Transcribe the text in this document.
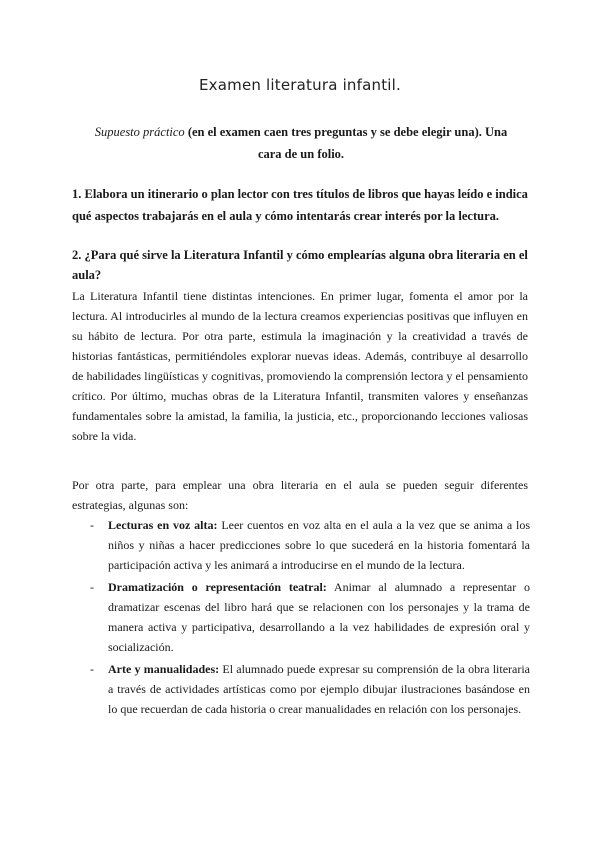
Examen literatura infantil.
Supuesto práctico (en el examen caen tres preguntas y se debe elegir una). Una cara de un folio.
1. Elabora un itinerario o plan lector con tres títulos de libros que hayas leído e indica qué aspectos trabajarás en el aula y cómo intentarás crear interés por la lectura.
2. ¿Para qué sirve la Literatura Infantil y cómo emplearías alguna obra literaria en el aula?
La Literatura Infantil tiene distintas intenciones. En primer lugar, fomenta el amor por la lectura. Al introducirles al mundo de la lectura creamos experiencias positivas que influyen en su hábito de lectura. Por otra parte, estimula la imaginación y la creatividad a través de historias fantásticas, permitiéndoles explorar nuevas ideas. Además, contribuye al desarrollo de habilidades lingüísticas y cognitivas, promoviendo la comprensión lectora y el pensamiento crítico. Por último, muchas obras de la Literatura Infantil, transmiten valores y enseñanzas fundamentales sobre la amistad, la familia, la justicia, etc., proporcionando lecciones valiosas sobre la vida.
Por otra parte, para emplear una obra literaria en el aula se pueden seguir diferentes estrategias, algunas son:
- Lecturas en voz alta: Leer cuentos en voz alta en el aula a la vez que se anima a los niños y niñas a hacer predicciones sobre lo que sucederá en la historia fomentará la participación activa y les animará a introducirse en el mundo de la lectura.
- Dramatización o representación teatral: Animar al alumnado a representar o dramatizar escenas del libro hará que se relacionen con los personajes y la trama de manera activa y participativa, desarrollando a la vez habilidades de expresión oral y socialización.
- Arte y manualidades: El alumnado puede expresar su comprensión de la obra literaria a través de actividades artísticas como por ejemplo dibujar ilustraciones basándose en lo que recuerdan de cada historia o crear manualidades en relación con los personajes.
